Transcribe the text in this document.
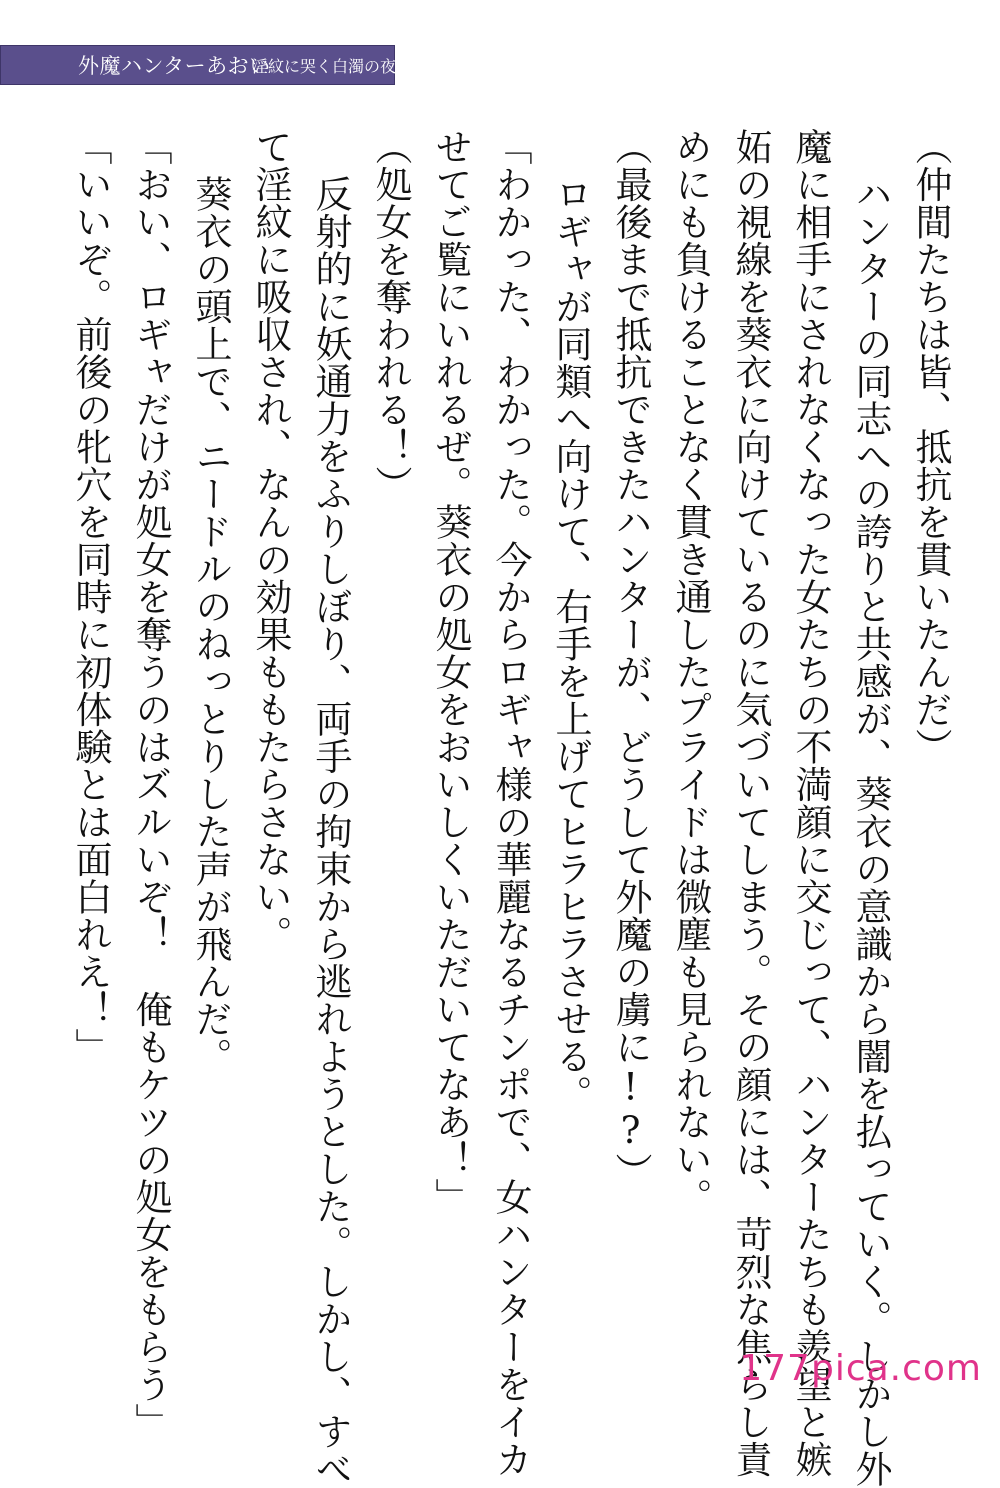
外魔ハンターあおい
淫紋に哭く白濁の夜
（仲間たちは皆、抵抗を貫いたんだ）
ハンターの同志への誇りと共感が、葵衣の意識から闇を払っていく。しかし外
魔に相手にされなくなった女たちの不満顔に交じって、ハンターたちも羨望と嫉
妬の視線を葵衣に向けているのに気づいてしまう。その顔には、苛烈な焦らし責
めにも負けることなく貫き通したプライドは微塵も見られない。
（最後まで抵抗できたハンターが、どうして外魔の虜に!?）
ロギャが同類へ向けて、右手を上げてヒラヒラさせる。
「わかった、わかった。今からロギャ様の華麗なるチンポで、女ハンターをイカ
せてご覧にいれるぜ。葵衣の処女をおいしくいただいてなあ！」
（処女を奪われる！）
反射的に妖通力をふりしぼり、両手の拘束から逃れようとした。しかし、すべ
て淫紋に吸収され、なんの効果ももたらさない。
葵衣の頭上で、ニードルのねっとりした声が飛んだ。
「おい、ロギャだけが処女を奪うのはズルいぞ！　俺もケツの処女をもらう」
「いいぞ。前後の牝穴を同時に初体験とは面白れえ！」
177pica.com
